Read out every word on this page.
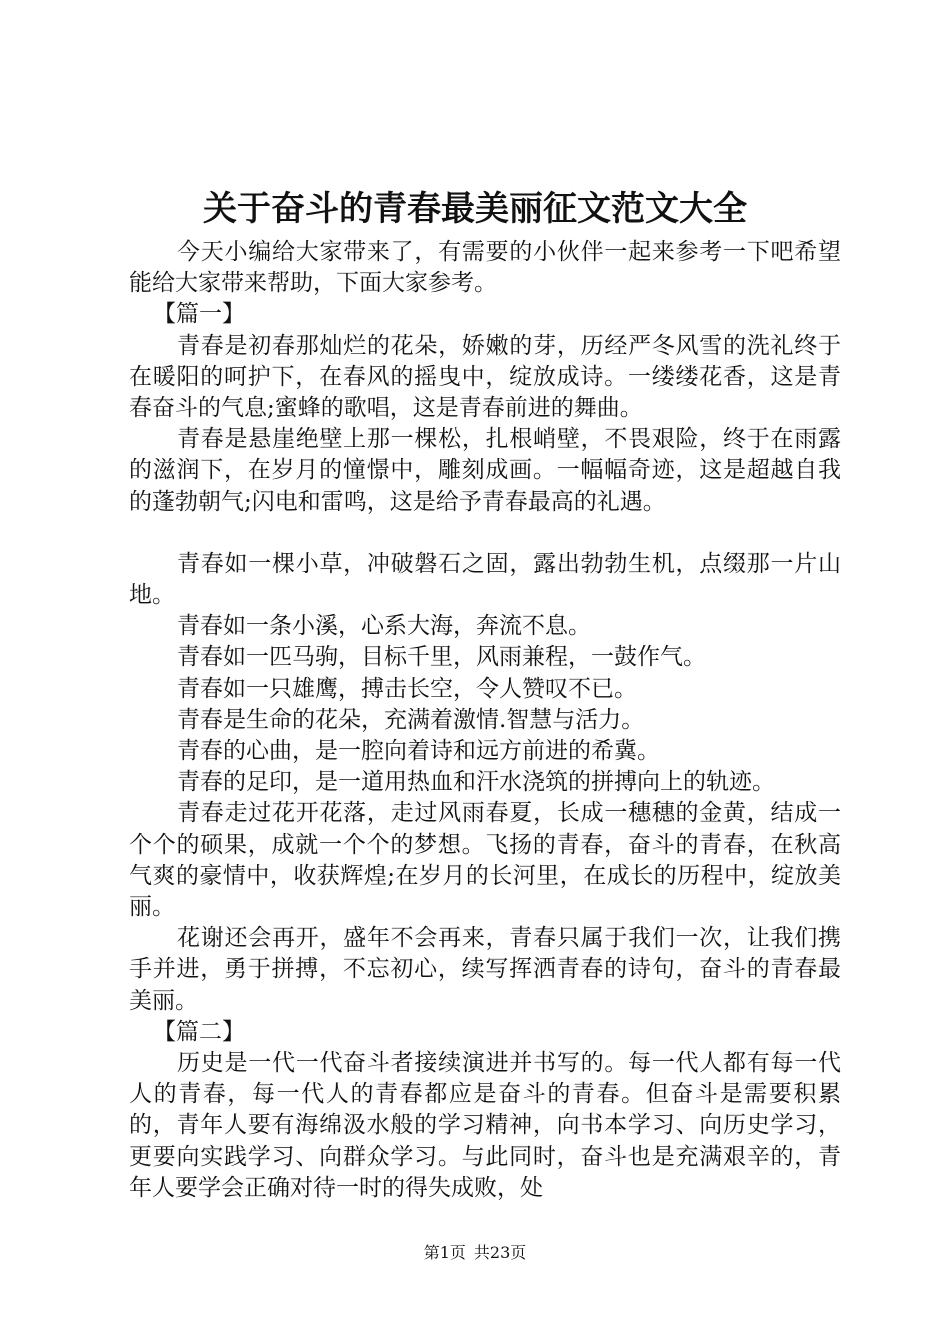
关于奋斗的青春最美丽征文范文大全

今天小编给大家带来了，有需要的小伙伴一起来参考一下吧希望能给大家带来帮助，下面大家参考。

【篇一】

青春是初春那灿烂的花朵，娇嫩的芽，历经严冬风雪的洗礼终于在暖阳的呵护下，在春风的摇曳中，绽放成诗。一缕缕花香，这是青春奋斗的气息;蜜蜂的歌唱，这是青春前进的舞曲。

青春是悬崖绝壁上那一棵松，扎根峭壁，不畏艰险，终于在雨露的滋润下，在岁月的憧憬中，雕刻成画。一幅幅奇迹，这是超越自我的蓬勃朝气;闪电和雷鸣，这是给予青春最高的礼遇。

青春如一棵小草，冲破磐石之固，露出勃勃生机，点缀那一片山地。

青春如一条小溪，心系大海，奔流不息。

青春如一匹马驹，目标千里，风雨兼程，一鼓作气。

青春如一只雄鹰，搏击长空，令人赞叹不已。

青春是生命的花朵，充满着激情.智慧与活力。

青春的心曲，是一腔向着诗和远方前进的希冀。

青春的足印，是一道用热血和汗水浇筑的拼搏向上的轨迹。

青春走过花开花落，走过风雨春夏，长成一穗穗的金黄，结成一个个的硕果，成就一个个的梦想。飞扬的青春，奋斗的青春，在秋高气爽的豪情中，收获辉煌;在岁月的长河里，在成长的历程中，绽放美丽。

花谢还会再开，盛年不会再来，青春只属于我们一次，让我们携手并进，勇于拼搏，不忘初心，续写挥洒青春的诗句，奋斗的青春最美丽。

【篇二】

历史是一代一代奋斗者接续演进并书写的。每一代人都有每一代人的青春，每一代人的青春都应是奋斗的青春。但奋斗是需要积累的，青年人要有海绵汲水般的学习精神，向书本学习、向历史学习，更要向实践学习、向群众学习。与此同时，奋斗也是充满艰辛的，青年人要学会正确对待一时的得失成败，处

第1页 共23页
